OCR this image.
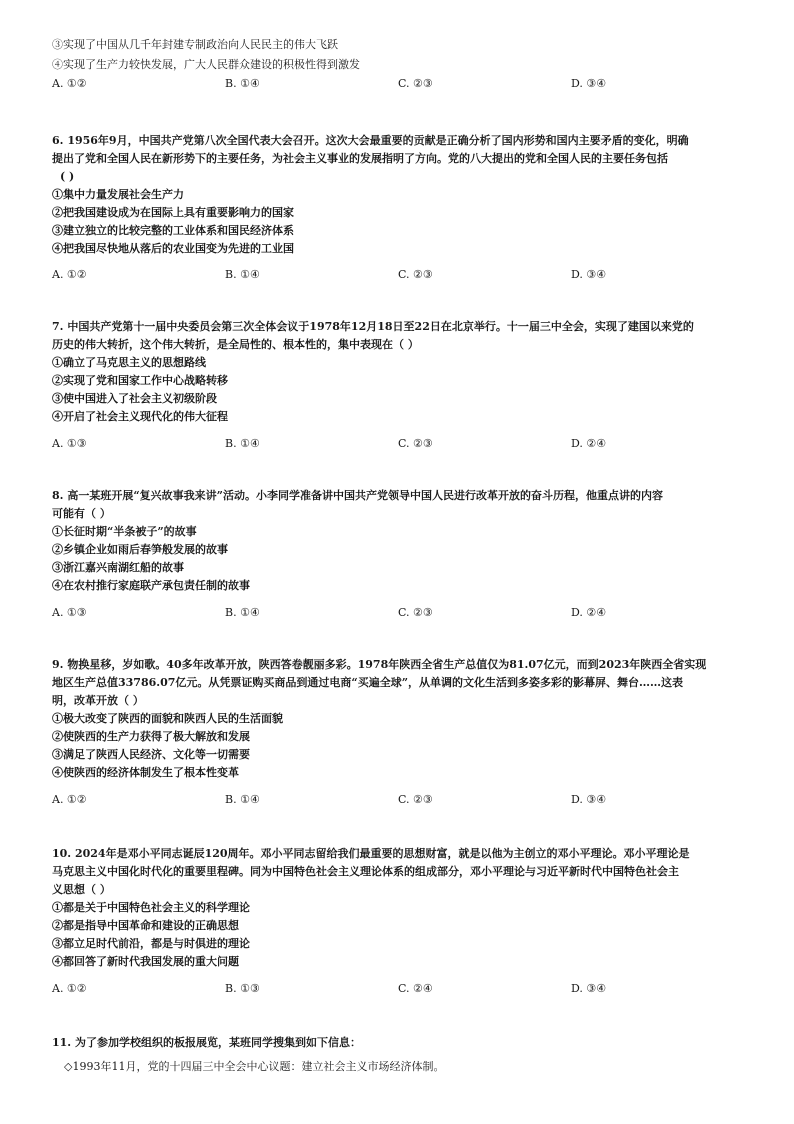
③实现了中国从几千年封建专制政治向人民民主的伟大飞跃
④实现了生产力较快发展，广大人民群众建设的积极性得到激发
A. ①②	B. ①④	C. ②③	D. ③④
6. 1956年9月，中国共产党第八次全国代表大会召开。这次大会最重要的贡献是正确分析了国内形势和国内主要矛盾的变化，明确
提出了党和全国人民在新形势下的主要任务，为社会主义事业的发展指明了方向。党的八大提出的党和全国人民的主要任务包括
( )
①集中力量发展社会生产力
②把我国建设成为在国际上具有重要影响力的国家
③建立独立的比较完整的工业体系和国民经济体系
④把我国尽快地从落后的农业国变为先进的工业国
A. ①②	B. ①④	C. ②③	D. ③④
7. 中国共产党第十一届中央委员会第三次全体会议于1978年12月18日至22日在北京举行。十一届三中全会，实现了建国以来党的
历史的伟大转折，这个伟大转折，是全局性的、根本性的，集中表现在（ ）
①确立了马克思主义的思想路线
②实现了党和国家工作中心战略转移
③使中国进入了社会主义初级阶段
④开启了社会主义现代化的伟大征程
A. ①③	B. ①④	C. ②③	D. ②④
8. 高一某班开展“复兴故事我来讲”活动。小李同学准备讲中国共产党领导中国人民进行改革开放的奋斗历程，他重点讲的内容
可能有（ ）
①长征时期“半条被子”的故事
②乡镇企业如雨后春笋般发展的故事
③浙江嘉兴南湖红船的故事
④在农村推行家庭联产承包责任制的故事
A. ①③	B. ①④	C. ②③	D. ②④
9. 物换星移，岁如歌。40多年改革开放，陕西答卷靓丽多彩。1978年陕西全省生产总值仅为81.07亿元，而到2023年陕西全省实现
地区生产总值33786.07亿元。从凭票证购买商品到通过电商“买遍全球”，从单调的文化生活到多姿多彩的影幕屏、舞台……这表
明，改革开放（ ）
①极大改变了陕西的面貌和陕西人民的生活面貌
②使陕西的生产力获得了极大解放和发展
③满足了陕西人民经济、文化等一切需要
④使陕西的经济体制发生了根本性变革
A. ①②	B. ①④	C. ②③	D. ③④
10. 2024年是邓小平同志诞辰120周年。邓小平同志留给我们最重要的思想财富，就是以他为主创立的邓小平理论。邓小平理论是
马克思主义中国化时代化的重要里程碑。同为中国特色社会主义理论体系的组成部分，邓小平理论与习近平新时代中国特色社会主
义思想（ ）
①都是关于中国特色社会主义的科学理论
②都是指导中国革命和建设的正确思想
③都立足时代前沿，都是与时俱进的理论
④都回答了新时代我国发展的重大问题
A. ①②	B. ①③	C. ②④	D. ③④
11. 为了参加学校组织的板报展览，某班同学搜集到如下信息：
◇1993年11月，党的十四届三中全会中心议题：建立社会主义市场经济体制。
